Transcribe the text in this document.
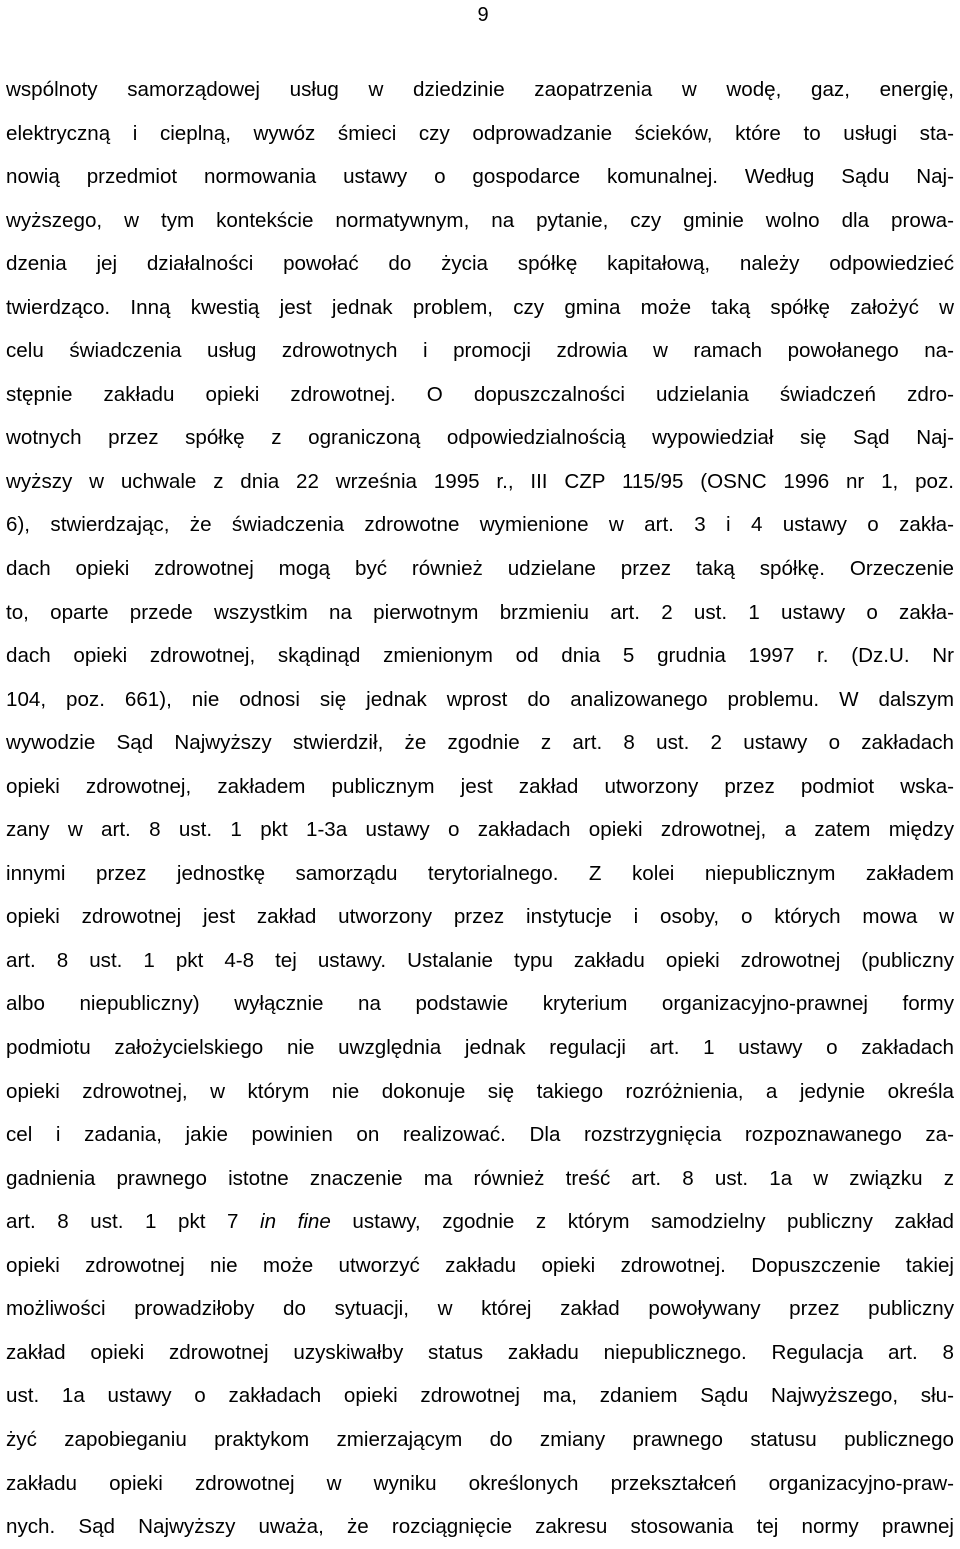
9
wspólnoty samorządowej usług w dziedzinie zaopatrzenia w wodę, gaz, energię,
elektryczną i cieplną, wywóz śmieci czy odprowadzanie ścieków, które to usługi sta-
nowią przedmiot normowania ustawy o gospodarce komunalnej. Według Sądu Naj-
wyższego, w tym kontekście normatywnym, na pytanie, czy gminie wolno dla prowa-
dzenia jej działalności powołać do życia spółkę kapitałową, należy odpowiedzieć
twierdząco. Inną kwestią jest jednak problem, czy gmina może taką spółkę założyć w
celu świadczenia usług zdrowotnych i promocji zdrowia w ramach powołanego na-
stępnie zakładu opieki zdrowotnej. O dopuszczalności udzielania świadczeń zdro-
wotnych przez spółkę z ograniczoną odpowiedzialnością wypowiedział się Sąd Naj-
wyższy w uchwale z dnia 22 września 1995 r., III CZP 115/95 (OSNC 1996 nr 1, poz.
6), stwierdzając, że świadczenia zdrowotne wymienione w art. 3 i 4 ustawy o zakła-
dach opieki zdrowotnej mogą być również udzielane przez taką spółkę. Orzeczenie
to, oparte przede wszystkim na pierwotnym brzmieniu art. 2 ust. 1 ustawy o zakła-
dach opieki zdrowotnej, skądinąd zmienionym od dnia 5 grudnia 1997 r. (Dz.U. Nr
104, poz. 661), nie odnosi się jednak wprost do analizowanego problemu. W dalszym
wywodzie Sąd Najwyższy stwierdził, że zgodnie z art. 8 ust. 2 ustawy o zakładach
opieki zdrowotnej, zakładem publicznym jest zakład utworzony przez podmiot wska-
zany w art. 8 ust. 1 pkt 1-3a ustawy o zakładach opieki zdrowotnej, a zatem między
innymi przez jednostkę samorządu terytorialnego. Z kolei niepublicznym zakładem
opieki zdrowotnej jest zakład utworzony przez instytucje i osoby, o których mowa w
art. 8 ust. 1 pkt 4-8 tej ustawy. Ustalanie typu zakładu opieki zdrowotnej (publiczny
albo niepubliczny) wyłącznie na podstawie kryterium organizacyjno-prawnej formy
podmiotu założycielskiego nie uwzględnia jednak regulacji art. 1 ustawy o zakładach
opieki zdrowotnej, w którym nie dokonuje się takiego rozróżnienia, a jedynie określa
cel i zadania, jakie powinien on realizować. Dla rozstrzygnięcia rozpoznawanego za-
gadnienia prawnego istotne znaczenie ma również treść art. 8 ust. 1a w związku z
art. 8 ust. 1 pkt 7 in fine ustawy, zgodnie z którym samodzielny publiczny zakład
opieki zdrowotnej nie może utworzyć zakładu opieki zdrowotnej. Dopuszczenie takiej
możliwości prowadziłoby do sytuacji, w której zakład powoływany przez publiczny
zakład opieki zdrowotnej uzyskiwałby status zakładu niepublicznego. Regulacja art. 8
ust. 1a ustawy o zakładach opieki zdrowotnej ma, zdaniem Sądu Najwyższego, słu-
żyć zapobieganiu praktykom zmierzającym do zmiany prawnego statusu publicznego
zakładu opieki zdrowotnej w wyniku określonych przekształceń organizacyjno-praw-
nych. Sąd Najwyższy uważa, że rozciągnięcie zakresu stosowania tej normy prawnej
